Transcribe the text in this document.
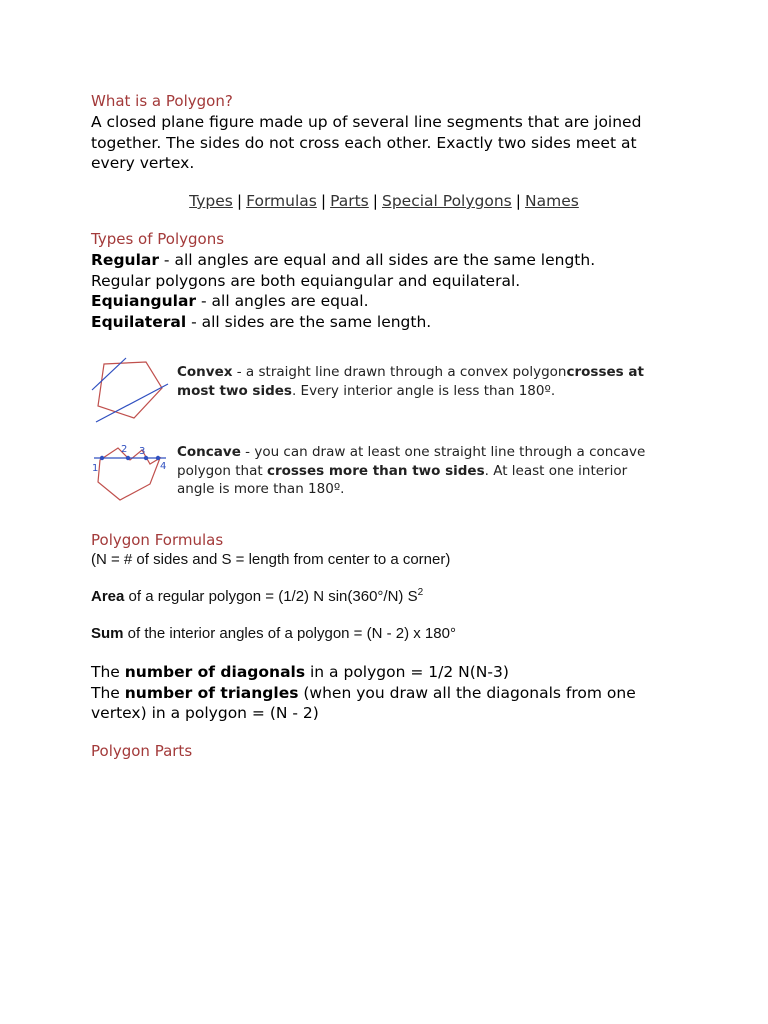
What is a Polygon?
A closed plane figure made up of several line segments that are joined together. The sides do not cross each other. Exactly two sides meet at every vertex.
Types | Formulas | Parts | Special Polygons | Names
Types of Polygons
Regular - all angles are equal and all sides are the same length.
Regular polygons are both equiangular and equilateral.
Equiangular - all angles are equal.
Equilateral - all sides are the same length.
Convex - a straight line drawn through a convex polygoncrosses at most two sides. Every interior angle is less than 180º.
1
2 3
4
Concave - you can draw at least one straight line through a concave polygon that crosses more than two sides. At least one interior angle is more than 180º.
Polygon Formulas
(N = # of sides and S = length from center to a corner)
Area of a regular polygon = (1/2) N sin(360°/N) $S^2$
Sum of the interior angles of a polygon = (N - 2) x 180°
The number of diagonals in a polygon = 1/2 N(N-3)
The number of triangles (when you draw all the diagonals from one vertex) in a polygon = (N - 2)
Polygon Parts
